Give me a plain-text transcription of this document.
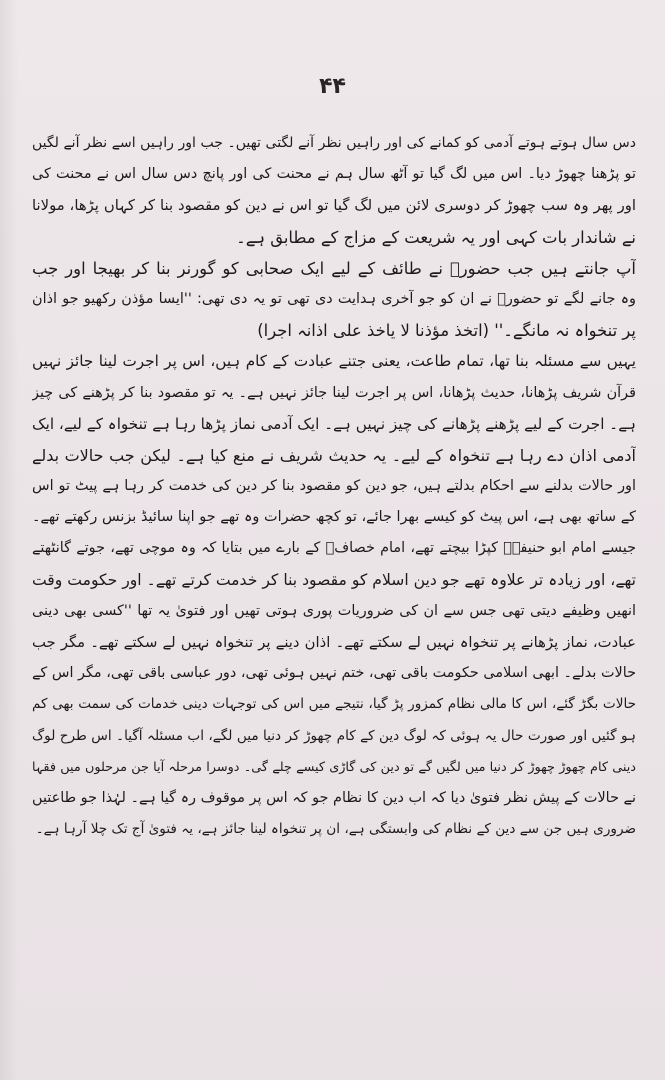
۴۴
دس سال ہوتے ہوتے آدمی کو کمانے کی اور راہیں نظر آنے لگتی تھیں۔ جب اور راہیں اسے نظر آنے لگیں
تو پڑھنا چھوڑ دیا۔ اس میں لگ گیا تو آٹھ سال ہم نے محنت کی اور پانچ دس سال اس نے محنت کی
اور پھر وہ سب چھوڑ کر دوسری لائن میں لگ گیا تو اس نے دین کو مقصود بنا کر کہاں پڑھا، مولانا
نے شاندار بات کہی اور یہ شریعت کے مزاج کے مطابق ہے۔
آپ جانتے ہیں جب حضورؐ نے طائف کے لیے ایک صحابی کو گورنر بنا کر بھیجا اور جب
وہ جانے لگے تو حضورؐ نے ان کو جو آخری ہدایت دی تھی تو یہ دی تھی: ''ایسا مؤذن رکھیو جو اذان
پر تنخواہ نہ مانگے۔'' (اتخذ مؤذنا لا یاخذ علی اذانہ اجرا)
یہیں سے مسئلہ بنا تھا، تمام طاعت، یعنی جتنے عبادت کے کام ہیں، اس پر اجرت لینا جائز نہیں
قرآن شریف پڑھانا، حدیث پڑھانا، اس پر اجرت لینا جائز نہیں ہے۔ یہ تو مقصود بنا کر پڑھنے کی چیز
ہے۔ اجرت کے لیے پڑھنے پڑھانے کی چیز نہیں ہے۔ ایک آدمی نماز پڑھا رہا ہے تنخواہ کے لیے، ایک
آدمی اذان دے رہا ہے تنخواہ کے لیے۔ یہ حدیث شریف نے منع کیا ہے۔ لیکن جب حالات بدلے
اور حالات بدلنے سے احکام بدلتے ہیں، جو دین کو مقصود بنا کر دین کی خدمت کر رہا ہے پیٹ تو اس
کے ساتھ بھی ہے، اس پیٹ کو کیسے بھرا جائے، تو کچھ حضرات وہ تھے جو اپنا سائیڈ بزنس رکھتے تھے۔
جیسے امام ابو حنیفہؒ کپڑا بیچتے تھے، امام خصافؒ کے بارے میں بتایا کہ وہ موچی تھے، جوتے گانٹھتے
تھے، اور زیادہ تر علاوہ تھے جو دین اسلام کو مقصود بنا کر خدمت کرتے تھے۔ اور حکومت وقت
انھیں وظیفے دیتی تھی جس سے ان کی ضروریات پوری ہوتی تھیں اور فتویٰ یہ تھا ''کسی بھی دینی
عبادت، نماز پڑھانے پر تنخواہ نہیں لے سکتے تھے۔ اذان دینے پر تنخواہ نہیں لے سکتے تھے۔ مگر جب
حالات بدلے۔ ابھی اسلامی حکومت باقی تھی، ختم نہیں ہوئی تھی، دور عباسی باقی تھی، مگر اس کے
حالات بگڑ گئے، اس کا مالی نظام کمزور پڑ گیا، نتیجے میں اس کی توجہات دینی خدمات کی سمت بھی کم
ہو گئیں اور صورت حال یہ ہوئی کہ لوگ دین کے کام چھوڑ کر دنیا میں لگے، اب مسئلہ آگیا۔ اس طرح لوگ
دینی کام چھوڑ چھوڑ کر دنیا میں لگیں گے تو دین کی گاڑی کیسے چلے گی۔ دوسرا مرحلہ آیا جن مرحلوں میں فقہا
نے حالات کے پیش نظر فتویٰ دیا کہ اب دین کا نظام جو کہ اس پر موقوف رہ گیا ہے۔ لہٰذا جو طاعتیں
ضروری ہیں جن سے دین کے نظام کی وابستگی ہے، ان پر تنخواہ لینا جائز ہے، یہ فتویٰ آج تک چلا آرہا ہے۔
